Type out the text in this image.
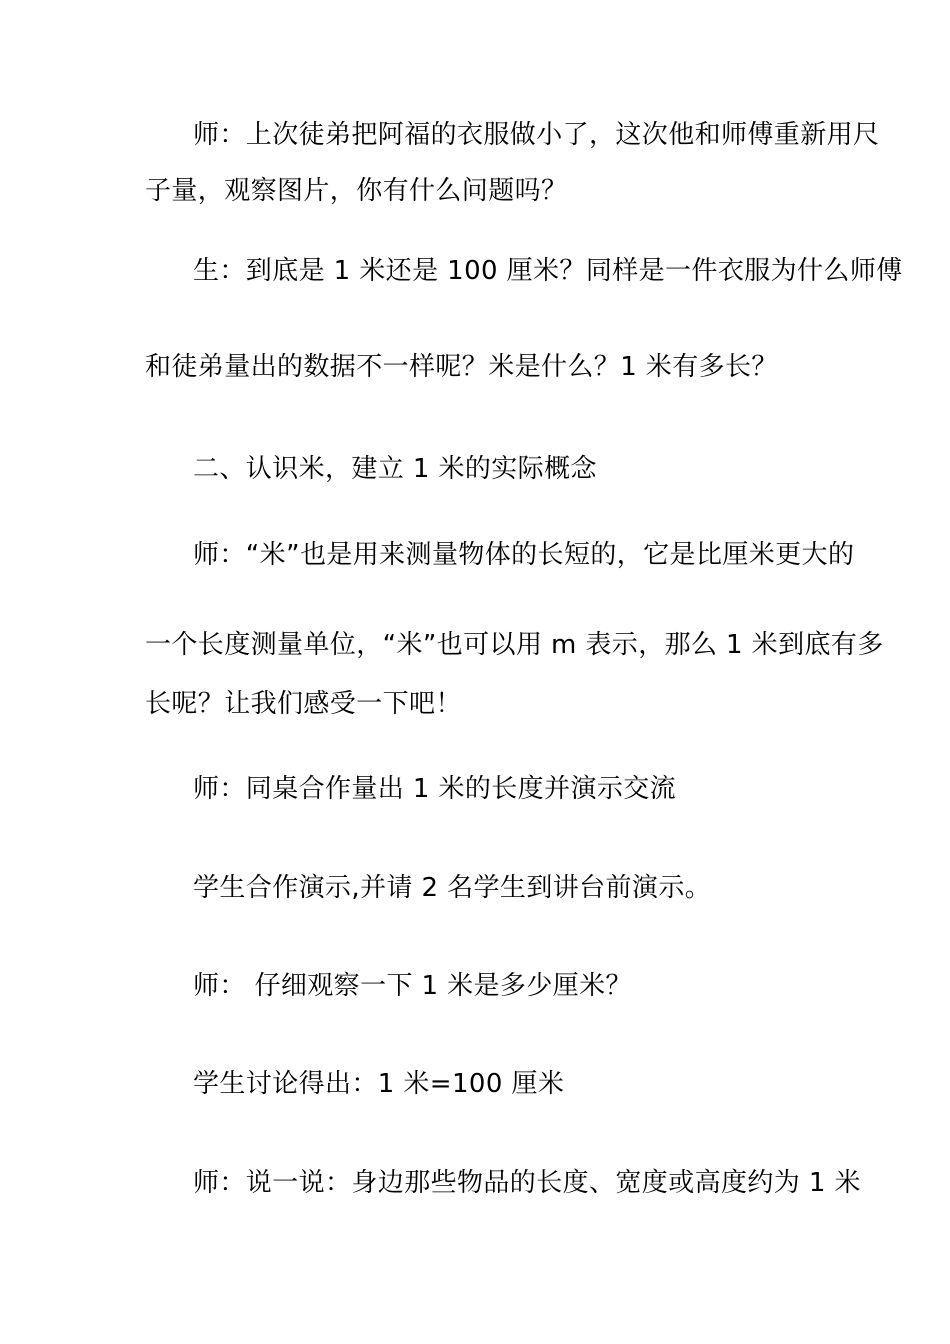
师：上次徒弟把阿福的衣服做小了，这次他和师傅重新用尺
子量，观察图片，你有什么问题吗？
生：到底是 1 米还是 100 厘米？同样是一件衣服为什么师傅
和徒弟量出的数据不一样呢？米是什么？1 米有多长？
二、认识米，建立 1 米的实际概念
师：“米”也是用来测量物体的长短的，它是比厘米更大的
一个长度测量单位，“米”也可以用 m 表示，那么 1 米到底有多
长呢？让我们感受一下吧！
师：同桌合作量出 1 米的长度并演示交流
学生合作演示,并请 2 名学生到讲台前演示。
师： 仔细观察一下 1 米是多少厘米？
学生讨论得出：1 米=100 厘米
师：说一说：身边那些物品的长度、宽度或高度约为 1 米
